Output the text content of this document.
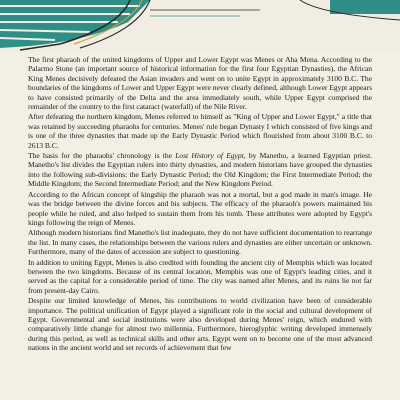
The first pharaoh of the united kingdoms of Upper and Lower Egypt was Menes or Aha Mena. According to the Palarmo Stone (an important source of historical information for the first four Egyptian Dynasties), the African King Menes decisively defeated the Asian invaders and went on to unite Egypt in approximately 3100 B.C. The boundaries of the kingdoms of Lower and Upper Egypt were never clearly defined, although Lower Egypt appears to have consisted primarily of the Delta and the area immediately south, while Upper Egypt comprised the remainder of the country to the first cataract (waterfall) of the Nile River.

After defeating the northern kingdom, Menes referred to himself as "King of Upper and Lower Egypt," a title that was retained by succeeding pharaohs for centuries. Menes' rule began Dynasty I which consisted of five kings and is one of the three dynasties that made up the Early Dynastic Period which flourished from about 3100 B.C. to 2613 B.C.

The basis for the pharaohs' chronology is the Lost History of Egypt, by Manetho, a learned Egyptian priest. Manetho's list divides the Egyptian rulers into thirty dynasties, and modern historians have grouped the dynasties into the following sub-divisions: the Early Dynastic Period; the Old Kingdom; the First Intermediate Period; the Middle Kingdom; the Second Intermediate Period; and the New Kingdom Period.

According to the African concept of kingship the pharaoh was not a mortal, but a god made in man's image. He was the bridge between the divine forces and his subjects. The efficacy of the pharaoh's powers maintained his people while he ruled, and also helped to sustain them from his tomb. These attributes were adopted by Egypt's kings following the reign of Menes.

Although modern historians find Manetho's list inadequate, they do not have sufficient documentation to rearrange the list. In many cases, the relationships between the various rulers and dynasties are either uncertain or unknown. Furthermore, many of the dates of accession are subject to questioning.

In addition to uniting Egypt, Menes is also credited with founding the ancient city of Memphis which was located between the two kingdoms. Because of its central location, Memphis was one of Egypt's leading cities, and it served as the capital for a considerable period of time. The city was named after Menes, and its ruins lie not far from present-day Cairo.

Despite our limited knowledge of Menes, his contributions to world civilization have been of considerable importance. The political unification of Egypt played a significant role in the social and cultural development of Egypt. Governmental and social institutions were also developed during Menes' reign, which endured with comparatively little change for almost two millennia. Furthermore, hieroglyphic writing developed immensely during this period, as well as technical skills and other arts. Egypt went on to become one of the most advanced nations in the ancient world and set records of achievement that few
